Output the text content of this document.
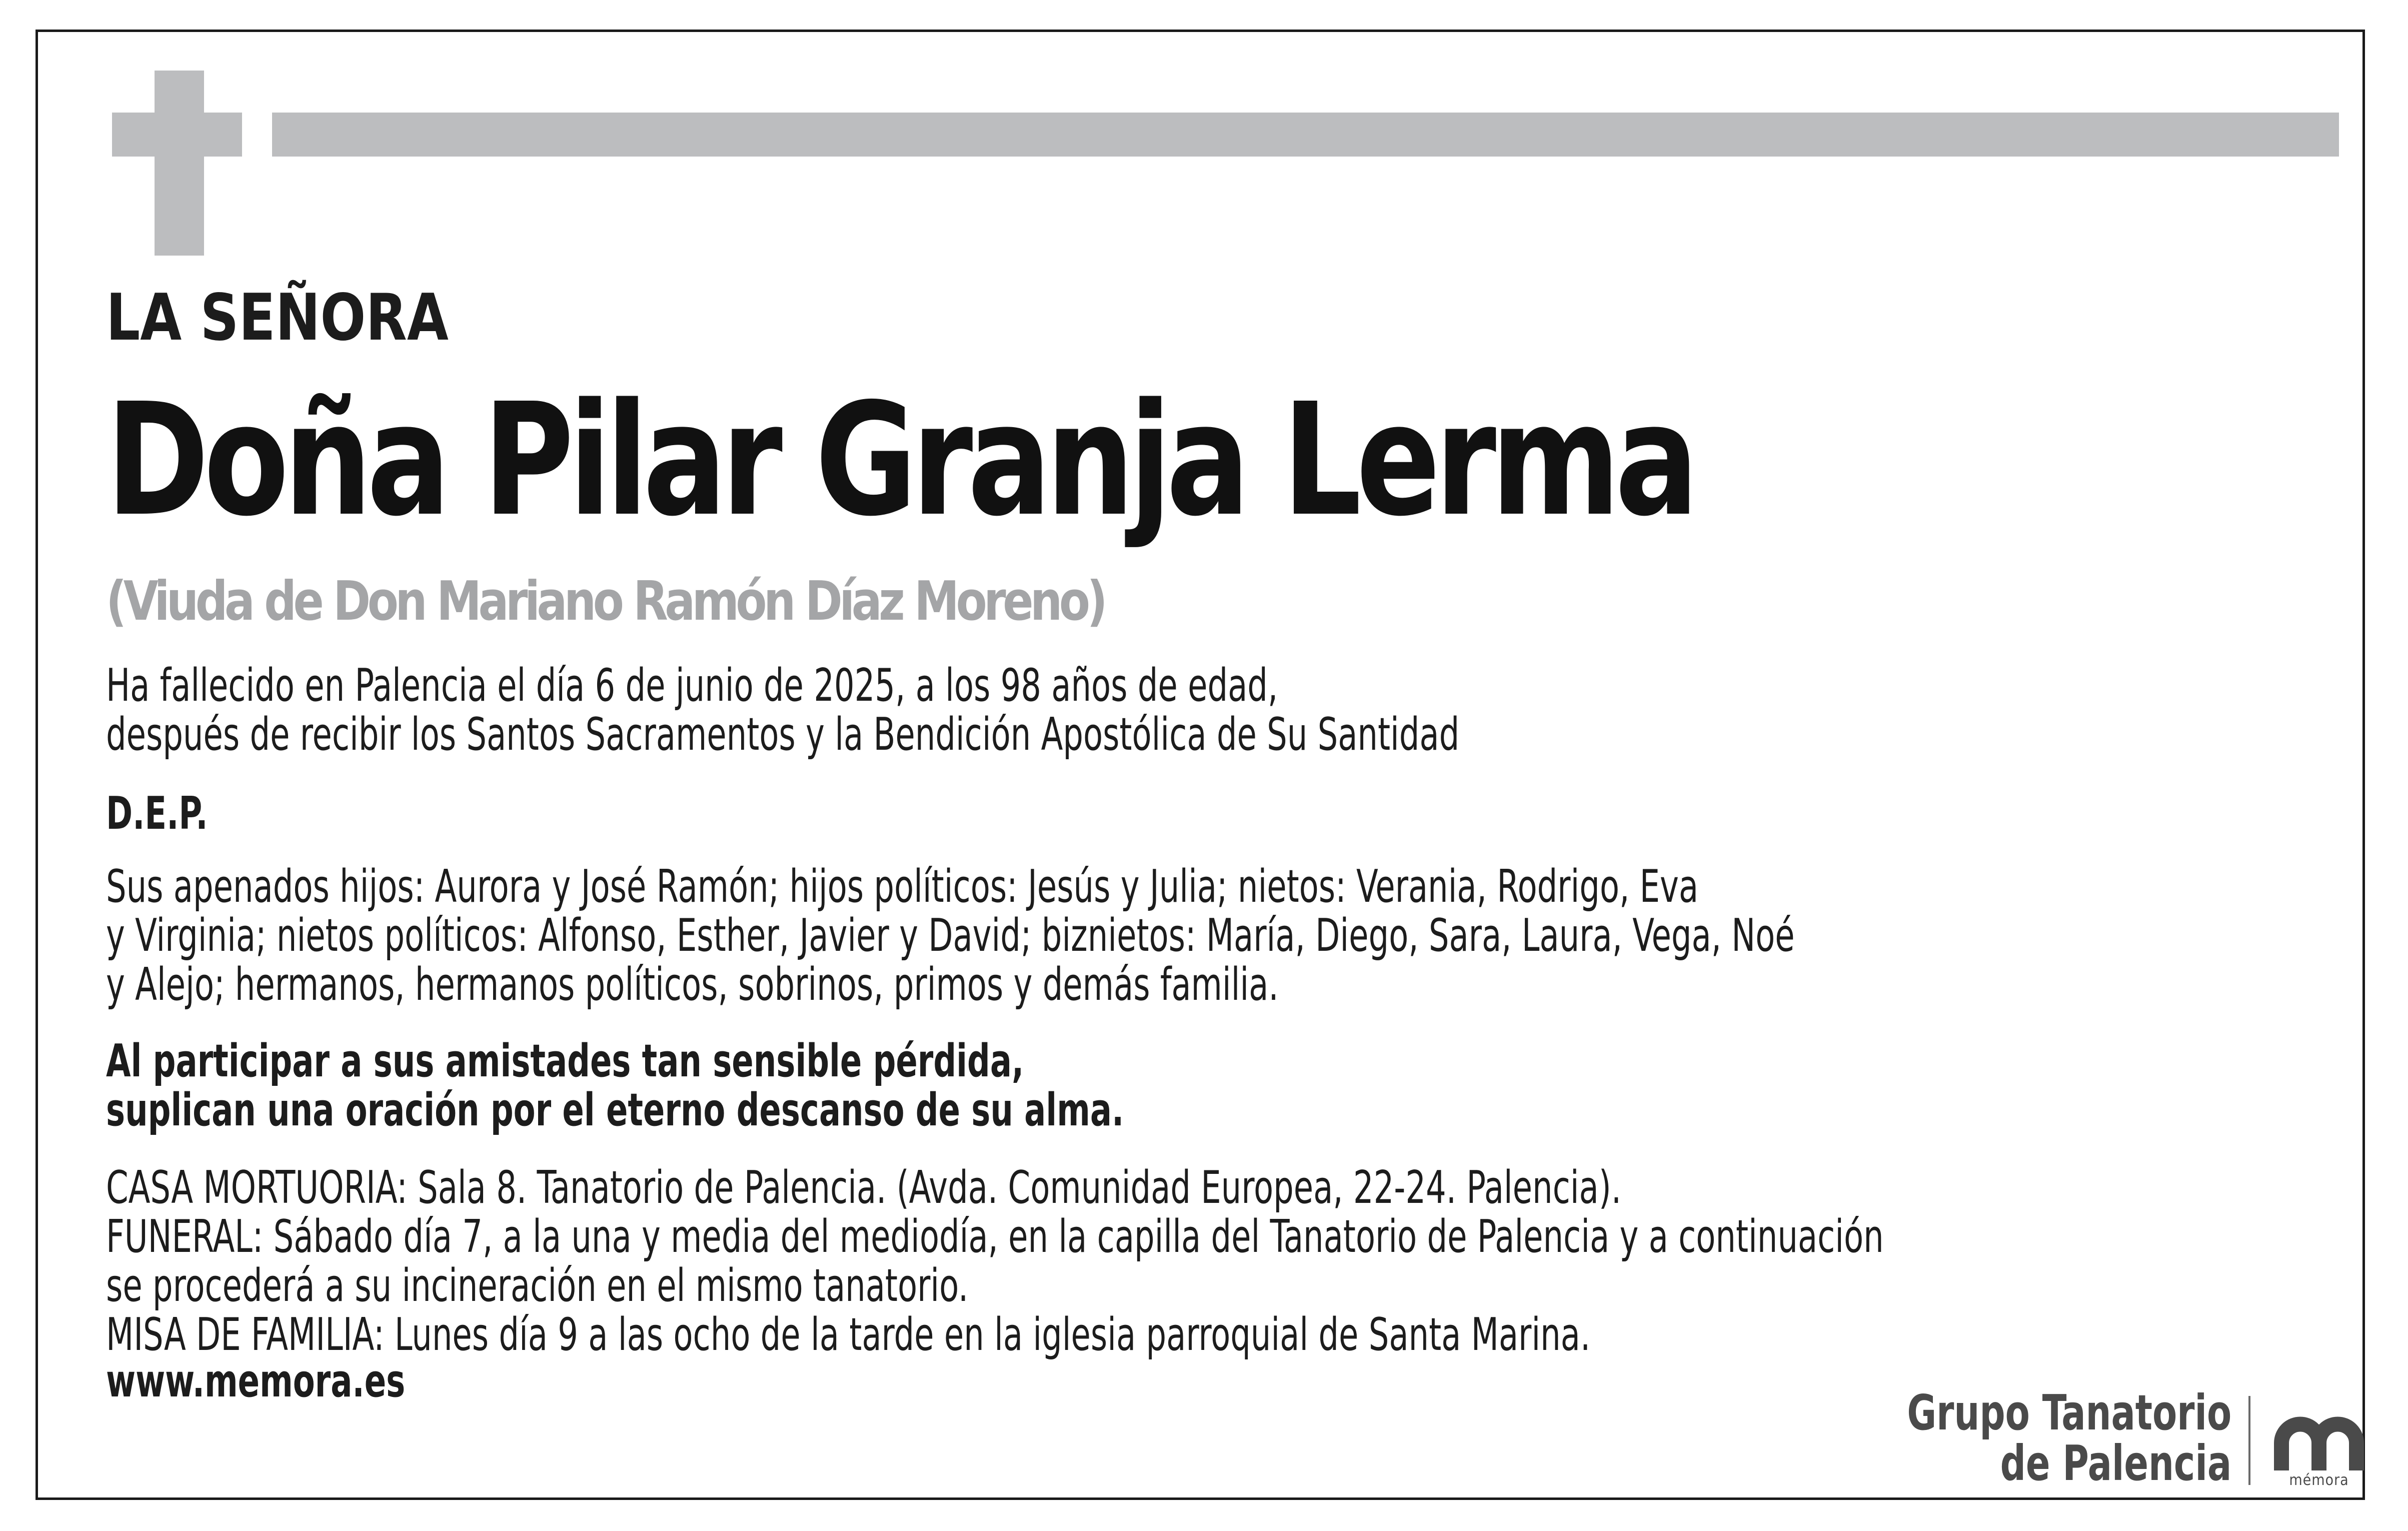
LA SEÑORA
Doña Pilar Granja Lerma
(Viuda de Don Mariano Ramón Díaz Moreno)
Ha fallecido en Palencia el día 6 de junio de 2025, a los 98 años de edad,
después de recibir los Santos Sacramentos y la Bendición Apostólica de Su Santidad
D.E.P.
Sus apenados hijos: Aurora y José Ramón; hijos políticos: Jesús y Julia; nietos: Verania, Rodrigo, Eva
y Virginia; nietos políticos: Alfonso, Esther, Javier y David; biznietos: María, Diego, Sara, Laura, Vega, Noé
y Alejo; hermanos, hermanos políticos, sobrinos, primos y demás familia.
Al participar a sus amistades tan sensible pérdida,
suplican una oración por el eterno descanso de su alma.
CASA MORTUORIA: Sala 8. Tanatorio de Palencia. (Avda. Comunidad Europea, 22-24. Palencia).
FUNERAL: Sábado día 7, a la una y media del mediodía, en la capilla del Tanatorio de Palencia y a continuación
se procederá a su incineración en el mismo tanatorio.
MISA DE FAMILIA: Lunes día 9 a las ocho de la tarde en la iglesia parroquial de Santa Marina.
www.memora.es
Grupo Tanatorio
de Palencia	mémora
